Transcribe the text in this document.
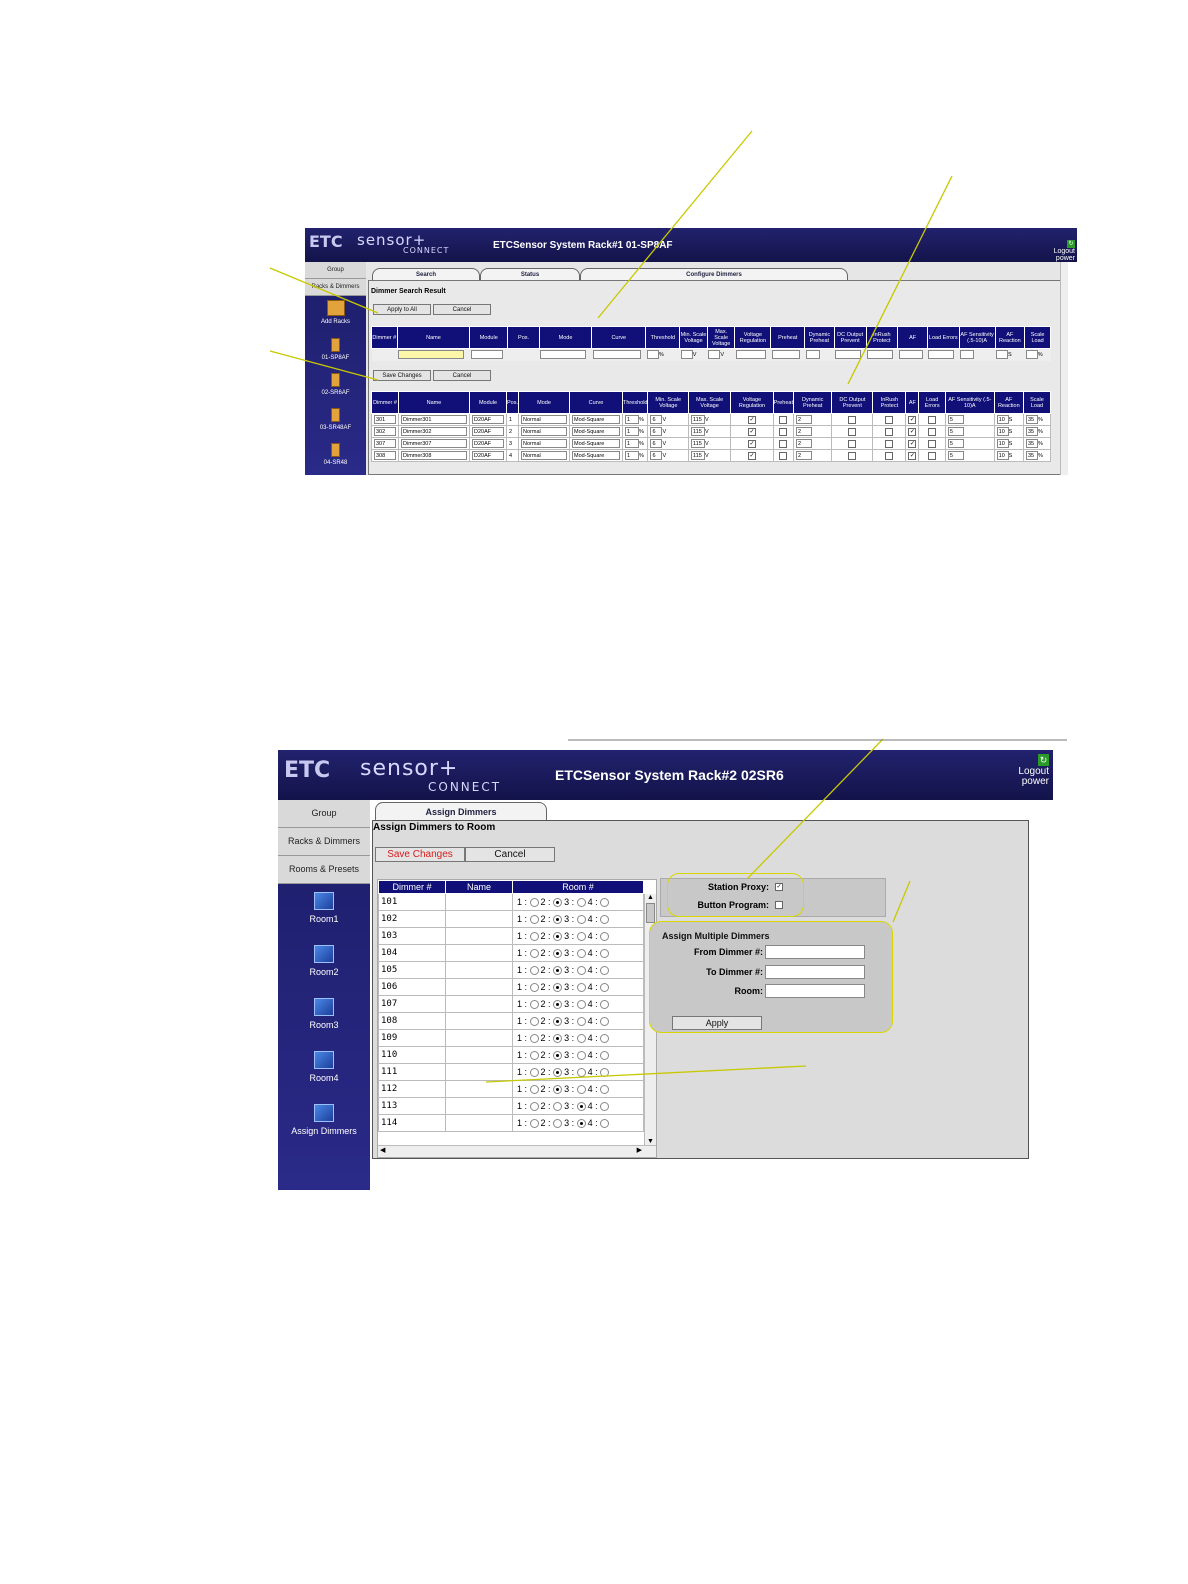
ETC sensor+
CONNECT	ETCSensor System Rack#1 01-SP8AF	↻
Logout
power
Group
Racks & Dimmers
Add Racks
01-SP8AF
02-SR6AF
03-SR48AF
04-SR48
Search	Status	Configure Dimmers
Dimmer Search Result
Apply to All	Cancel
Dimmer #	Name	Module	Pos.	Mode	Curve	Threshold	Min. Scale Voltage	Max. Scale Voltage	Voltage Regulation	Preheat	Dynamic Preheat	DC Output Prevent	InRush Protect	AF	Load Errors	AF Sensitivity (.5-10)A	AF Reaction	Scale Load
						%	V	V									S	%
Save Changes	Cancel
Dimmer #	Name	Module	Pos.	Mode	Curve	Threshold	Min. Scale Voltage	Max. Scale Voltage	Voltage Regulation	Preheat	Dynamic Preheat	DC Output Prevent	InRush Protect	AF	Load Errors	AF Sensitivity (.5-10)A	AF Reaction	Scale Load
301	Dimmer301	D20AF	1	Normal	Mod-Square	1 %	6 V	115 V	✓		2			✓		5	10 S	35 %
302	Dimmer302	D20AF	2	Normal	Mod-Square	1 %	6 V	115 V	✓		2			✓		5	10 S	35 %
307	Dimmer307	D20AF	3	Normal	Mod-Square	1 %	6 V	115 V	✓		2			✓		5	10 S	35 %
308	Dimmer308	D20AF	4	Normal	Mod-Square	1 %	6 V	115 V	✓		2			✓		5	10 S	35 %
ETC sensor+
CONNECT
ETCSensor System Rack#2 02SR6
↻
Logout
power
Group
Racks & Dimmers
Rooms & Presets
Room1
Room2
Room3
Room4
Assign Dimmers
Assign Dimmers
Assign Dimmers to Room
Save Changes	Cancel
Dimmer #	Name	Room #
101		1 : 2 : 3 : 4 :
102		1 : 2 : 3 : 4 :
103		1 : 2 : 3 : 4 :
104		1 : 2 : 3 : 4 :
105		1 : 2 : 3 : 4 :
106		1 : 2 : 3 : 4 :
107		1 : 2 : 3 : 4 :
108		1 : 2 : 3 : 4 :
109		1 : 2 : 3 : 4 :
110		1 : 2 : 3 : 4 :
111		1 : 2 : 3 : 4 :
112		1 : 2 : 3 : 4 :
113		1 : 2 : 3 : 4 :
114		1 : 2 : 3 : 4 :
▲
▼
◀	▶
Station Proxy: ✓
Button Program:
Assign Multiple Dimmers
From Dimmer #:
To Dimmer #:
Room:
Apply
